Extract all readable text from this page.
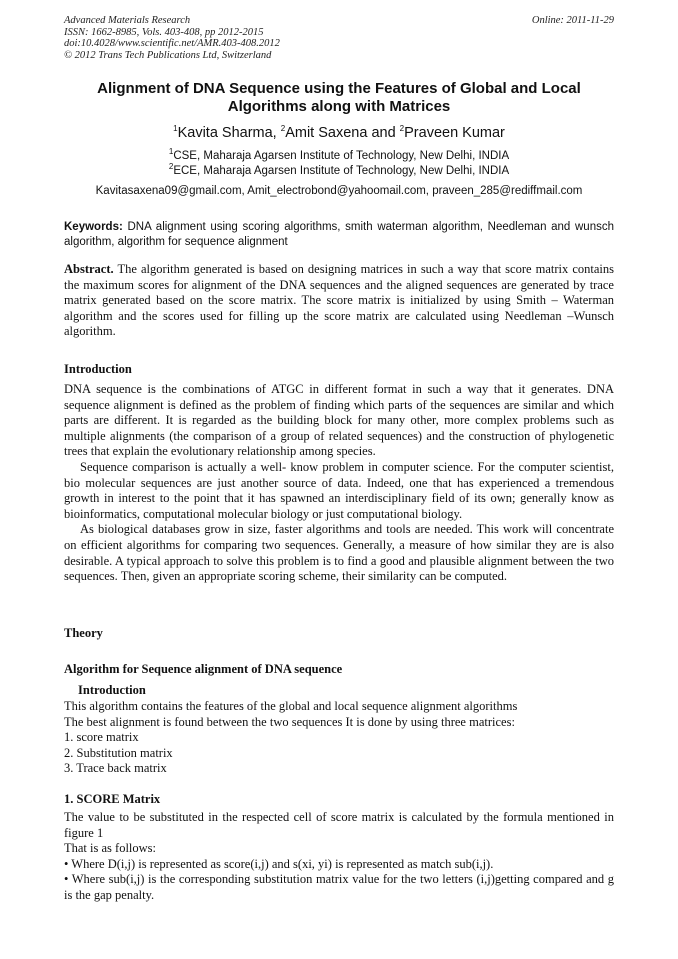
Advanced Materials Research
ISSN: 1662-8985, Vols. 403-408, pp 2012-2015
doi:10.4028/www.scientific.net/AMR.403-408.2012
© 2012 Trans Tech Publications Ltd, Switzerland
Online: 2011-11-29
Alignment of DNA Sequence using the Features of Global and Local Algorithms along with Matrices
$^1$Kavita Sharma, $^2$Amit Saxena and $^2$Praveen Kumar
$^1$CSE, Maharaja Agarsen Institute of Technology, New Delhi, INDIA
$^2$ECE, Maharaja Agarsen Institute of Technology, New Delhi, INDIA
Kavitasaxena09@gmail.com, Amit_electrobond@yahoomail.com, praveen_285@rediffmail.com
Keywords: DNA alignment using scoring algorithms, smith waterman algorithm, Needleman and wunsch algorithm, algorithm for sequence alignment
Abstract. The algorithm generated is based on designing matrices in such a way that score matrix contains the maximum scores for alignment of the DNA sequences and the aligned sequences are generated by trace matrix generated based on the score matrix. The score matrix is initialized by using Smith – Waterman algorithm and the scores used for filling up the score matrix are calculated using Needleman –Wunsch algorithm.
Introduction

DNA sequence is the combinations of ATGC in different format in such a way that it generates. DNA sequence alignment is defined as the problem of finding which parts of the sequences are similar and which parts are different. It is regarded as the building block for many other, more complex problems such as multiple alignments (the comparison of a group of related sequences) and the construction of phylogenetic trees that explain the evolutionary relationship among species.

Sequence comparison is actually a well- know problem in computer science. For the computer scientist, bio molecular sequences are just another source of data. Indeed, one that has experienced a tremendous growth in interest to the point that it has spawned an interdisciplinary field of its own; generally know as bioinformatics, computational molecular biology or just computational biology.

As biological databases grow in size, faster algorithms and tools are needed. This work will concentrate on efficient algorithms for comparing two sequences. Generally, a measure of how similar they are is also desirable. A typical approach to solve this problem is to find a good and plausible alignment between the two sequences. Then, given an appropriate scoring scheme, their similarity can be computed.

Theory
Algorithm for Sequence alignment of DNA sequence
Introduction

This algorithm contains the features of the global and local sequence alignment algorithms

The best alignment is found between the two sequences It is done by using three matrices:

1. score matrix

2. Substitution matrix

3. Trace back matrix

1. SCORE Matrix

The value to be substituted in the respected cell of score matrix is calculated by the formula mentioned in figure 1

That is as follows:

• Where D(i,j) is represented as score(i,j) and s(xi, yi) is represented as match sub(i,j).

• Where sub(i,j) is the corresponding substitution matrix value for the two letters (i,j)getting compared and g is the gap penalty.
